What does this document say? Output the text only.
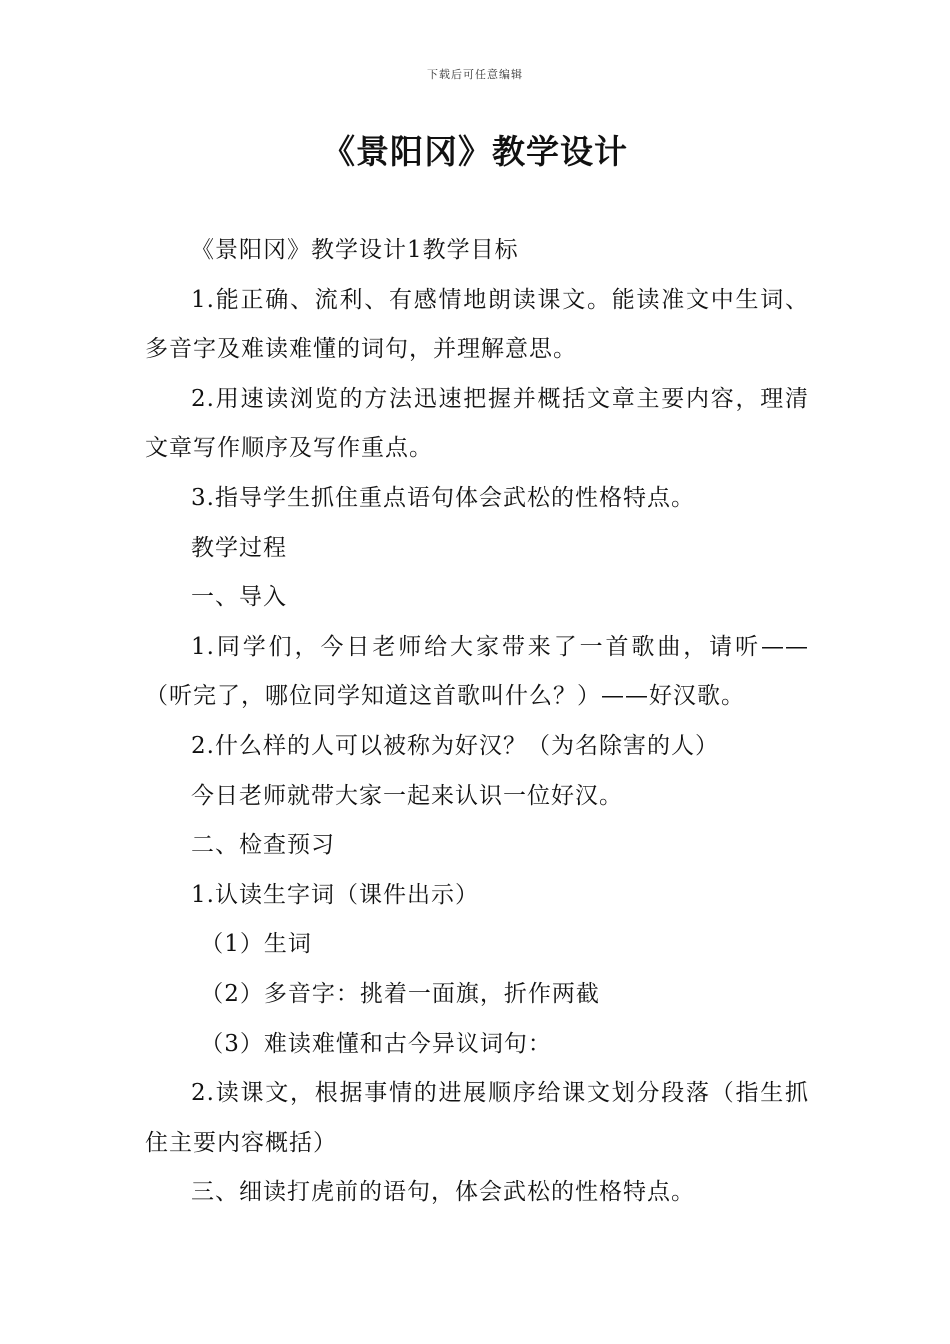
下载后可任意编辑
《景阳冈》教学设计

《景阳冈》教学设计1教学目标

1.能正确、流利、有感情地朗读课文。能读准文中生词、多音字及难读难懂的词句，并理解意思。

2.用速读浏览的方法迅速把握并概括文章主要内容，理清文章写作顺序及写作重点。

3.指导学生抓住重点语句体会武松的性格特点。

教学过程

一、导入

1.同学们，今日老师给大家带来了一首歌曲，请听——（听完了，哪位同学知道这首歌叫什么？）——好汉歌。

2.什么样的人可以被称为好汉？（为名除害的人）

今日老师就带大家一起来认识一位好汉。

二、检查预习

1.认读生字词（课件出示）

（1）生词

（2）多音字：挑着一面旗，折作两截

（3）难读难懂和古今异议词句：

2.读课文，根据事情的进展顺序给课文划分段落（指生抓住主要内容概括）

三、细读打虎前的语句，体会武松的性格特点。
